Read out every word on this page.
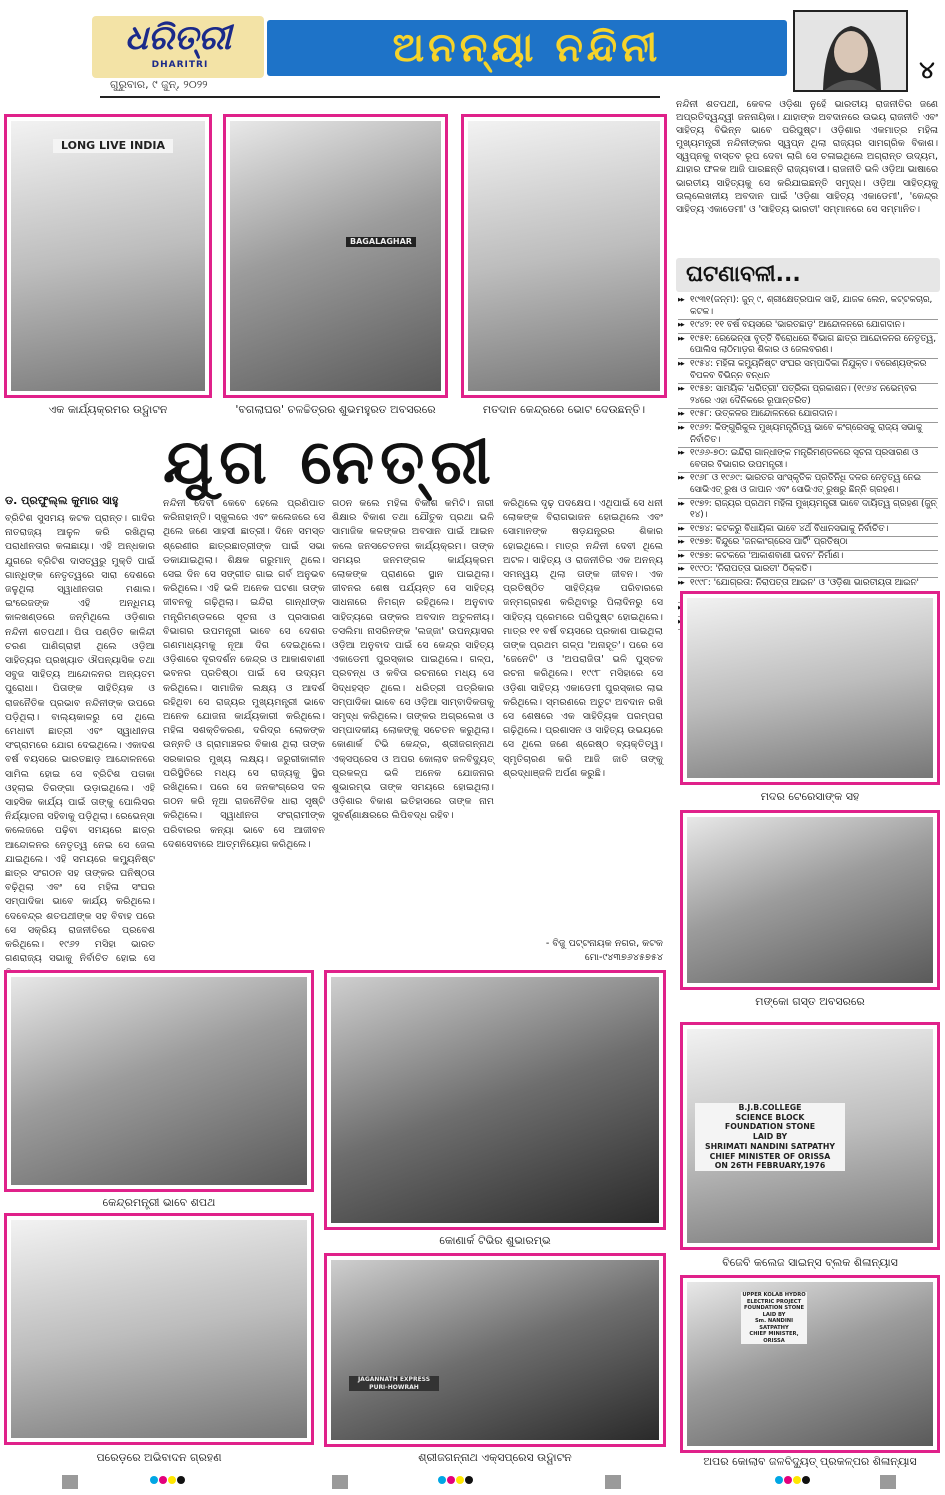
ଧରିତ୍ରୀ
DHARITRI	ଅନନ୍ୟା ନନ୍ଦିନୀ	୪
ଗୁରୁବାର, ୯ ଜୁନ୍, ୨୦୨୨
ନନ୍ଦିନୀ ଶତପଥୀ, କେବଳ ଓଡ଼ିଶା ନୁହେଁ ଭାରତୀୟ ରାଜନୀତିର ଜଣେ ଅପ୍ରତିଦ୍ୱନ୍ଦ୍ୱୀ ଜନନାୟିକା। ଯାହାଙ୍କ ଅବଦାନରେ ଉଭୟ ରାଜନୀତି ଏବଂ ସାହିତ୍ୟ ବିଭିନ୍ନ ଭାବେ ପରିପୁଷ୍ଟ। ଓଡ଼ିଶାର ଏକମାତ୍ର ମହିଳା ମୁଖ୍ୟମନ୍ତ୍ରୀ ନନ୍ଦିନୀଙ୍କର ସ୍ୱପ୍ନ ଥିଲା ରାଜ୍ୟର ସାମଗ୍ରିକ ବିକାଶ। ସ୍ୱପ୍ନକୁ ବାସ୍ତବ ରୂପ ଦେବା ଲାଗି ସେ ଚଳାଇଥିଲେ ଅଗ୍ରାନ୍ତ ଉଦ୍ୟମ, ଯାହାର ଫଳକ ଆଜି ପାରଛନ୍ତି ରାଜ୍ୟବାସୀ। ରାଜନୀତି ଭଳି ଓଡ଼ିଆ ଭାଷାରେ ଭାରତୀୟ ସାହିତ୍ୟକୁ ସେ କରିଯାଇଛନ୍ତି ସମୃଦ୍ଧ। ଓଡ଼ିଆ ସାହିତ୍ୟକୁ ଉଲ୍ଲେଖନୀୟ ଅବଦାନ ପାଇଁ 'ଓଡ଼ିଶା ସାହିତ୍ୟ ଏକାଡେମୀ', 'କେନ୍ଦ୍ର ସାହିତ୍ୟ ଏକାଡେମୀ' ଓ 'ସାହିତ୍ୟ ଭାରତୀ' ସମ୍ମାନରେ ସେ ସମ୍ମାନିତ।
LONG LIVE INDIA
ଏକ କାର୍ଯ୍ୟକ୍ରମର ଉଦ୍ଘାଟନ
BAGALAGHAR
'ବଗଲାଘର' ଚଳଚ୍ଚିତ୍ରର ଶୁଭମହୁରତ ଅବସରରେ	ମତଦାନ କେନ୍ଦ୍ରରେ ଭୋଟ ଦେଉଛନ୍ତି।
ଘଟଣାବଳୀ...
▶▶ ୧୯୩୧(ଜନ୍ମ): ଜୁନ୍ ୯, ଶ୍ରୀକ୍ଷେତ୍ରପାଳ ସାହି, ଯାଜକ ଲେନ, କଟ୍ଟକଚାର, କଟକ।
▶▶ ୧୯୪୨: ୧୧ ବର୍ଷ ବୟସରେ 'ଭାରତଛାଡ଼' ଆନ୍ଦୋଳନରେ ଯୋଗଦାନ।
▶▶ ୧୯୫୧: ରେଭେନ୍ସା ବୃତ୍ତି ବିରୋଧରେ ବିଭାଗ ଛାତ୍ର ଆନ୍ଦୋଳନର ନେତୃତ୍ୱ, ପୋଲିସ ଲାଠିମାଡ଼ର ଶିକାର ଓ ଜେଲବରଣ।
▶▶ ୧୯୫୪: ମହିଳା କମ୍ୟୁନିଷ୍ଟ ସଂଘର ସମ୍ପାଦିକା ନିଯୁକ୍ତ। ବରେଣ୍ୟଙ୍କର ବିପଳବ ବିଭିନ୍ନ ବନ୍ଧନ
▶▶ ୧୯୫୭: ସାମୟିକ 'ଧରିତ୍ରୀ' ପତ୍ରିକା ପ୍ରକାଶନ। (୧୯୬୪ ନଭେମ୍ବର ୨୪ରେ ଏହା ଦୈନିକରେ ରୂପାନ୍ତରିତ)
▶▶ ୧୯୫୮: ଉତ୍କଳର ଆନ୍ଦୋଳନରେ ଯୋଗଦାନ।
▶▶ ୧୯୬୨: କିଙ୍ଗୁରିକୁଲ ମୁଖ୍ୟମନ୍ତ୍ରିତ୍ୱ ଭାବେ କଂଗ୍ରେସକୁ ରାଜ୍ୟ ସଭାକୁ ନିର୍ବାଚିତ।
▶▶ ୧୯୬୬-୭୦: ଇନ୍ଦିରା ଗାନ୍ଧୀଙ୍କ ମନ୍ତ୍ରିମଣ୍ଡଳରେ ସୂଚନା ପ୍ରସାରଣ ଓ ବେତାର ବିଭାଗର ଉପମନ୍ତ୍ରୀ।
▶▶ ୧୯୬୮ ଓ ୧୯୬୯: ଭାରତର ସାଂସ୍କୃତିକ ପ୍ରତିନିଧି ଦଳର ନେତୃତ୍ୱ ନେଇ ସୋଭିଏତ୍ ରୁଷ ଓ ଜାପାନ ଏବଂ ସୋଭିଏତ୍ ରୁଷରୁ ଛିନ୍ନି ଗ୍ରହଣ।
▶▶ ୧୯୭୨: ରାଜ୍ୟର ପ୍ରଥମ ମହିଳା ମୁଖ୍ୟମନ୍ତ୍ରୀ ଭାବେ ଦାୟିତ୍ୱ ଗ୍ରହଣ (ଜୁନ୍ ୧୪)।
▶▶ ୧୯୭୪: କଟକରୁ ବିଧାୟିକା ଭାବେ ୪ର୍ଥ ବିଧାନସଭାକୁ ନିର୍ବାଚିତ।
▶▶ ୧୯୭୭: ବିନ୍ଦୁରେ 'ଜନକାଂଗ୍ରେସ ପାର୍ଟି' ପ୍ରତିଷ୍ଠା
▶▶ ୧୯୭୭: କଟକରେ 'ଆକାଶବାଣୀ ଭବନ' ନିର୍ମାଣ।
▶▶ ୧୯୯୦: 'ନିରାପତ୍ତା ଭାରତୀ' ଠିକ୍କତି।
▶▶ ୧୯୯୮: 'ଯୋଗ୍ରତା: ନିରାପତ୍ତା ଆଇନ' ଓ 'ଓଡ଼ିଶା ଭାରତୀୟତା ଆଇନ'
▶▶
▶▶
ଯୁଗ ନେତ୍ରୀ
ଡ. ପ୍ରଫୁଲ୍ଲ କୁମାର ସାହୁ
ବ୍ରିଟିଶ ସୁସମୟ କଟକ ପ୍ରାନ୍ତ। ଗାଦିର ନାତରାଜ୍ୟ ଆଳୁଳ କରି ରଖିଥିଲା ପରାଧୀନତାର କଳାଛାୟା। ଏହି ଅନ୍ଧକାର ଯୁଗରେ ବ୍ରିଟିଶ ଦାସତ୍ୱରୁ ମୁକ୍ତି ପାଇଁ ଗାନ୍ଧିଙ୍କ ନେତୃତ୍ୱରେ ସାରା ଦେଶରେ ଜଳୁଥିଲା ସ୍ୱାଧୀନତାର ମଶାଲ। ଇଂରେଜଙ୍କ ଏହି ଅନ୍ଧିମୟ କାଳଖଣ୍ଡରେ ଜନ୍ମିଥିଲେ ଓଡ଼ିଶାର ନନ୍ଦିନୀ ଶତପଥୀ। ପିତା ପଣ୍ଡିତ କାଳିନ୍ଦୀ ଚରଣ ପାଣିଗ୍ରାହୀ ଥିଲେ ଓଡ଼ିଆ ସାହିତ୍ୟର ପ୍ରଖ୍ୟାତ ଔପନ୍ୟାସିକ ତଥା ସବୁଜ ସାହିତ୍ୟ ଆନ୍ଦୋଳନର ଅନ୍ୟତମ ପୁରୋଧା। ପିତାଙ୍କ ସାହିତ୍ୟିକ ଓ ରାଜନୈତିକ ପ୍ରଭାବ ନନ୍ଦିନୀଙ୍କ ଉପରେ ପଡ଼ିଥିଲା। ବାଲ୍ୟକାଳରୁ ସେ ଥିଲେ ମେଧାବୀ ଛାତ୍ରୀ ଏବଂ ସ୍ୱାଧୀନତା ସଂଗ୍ରାମରେ ଯୋଗ ଦେଇଥିଲେ। ଏକାଦଶ ବର୍ଷ ବୟସରେ ଭାରତଛାଡ଼ ଆନ୍ଦୋଳନରେ ସାମିଲ ହୋଇ ସେ ବ୍ରିଟିଶ ପତାକା ଓହ୍ଲାଇ ତିରଙ୍ଗା ଉଡ଼ାଇଥିଲେ। ଏହି ସାହସିକ କାର୍ଯ୍ୟ ପାଇଁ ତାଙ୍କୁ ପୋଲିସର ନିର୍ଯ୍ୟାତନା ସହିବାକୁ ପଡ଼ିଥିଲା। ରେଭେନ୍ସା କଲେଜରେ ପଢ଼ିବା ସମୟରେ ଛାତ୍ର ଆନ୍ଦୋଳନର ନେତୃତ୍ୱ ନେଇ ସେ ଜେଲ ଯାଇଥିଲେ। ଏହି ସମୟରେ କମ୍ୟୁନିଷ୍ଟ ଛାତ୍ର ସଂଗଠନ ସହ ତାଙ୍କର ଘନିଷ୍ଠତା ବଢ଼ିଥିଲା ଏବଂ ସେ ମହିଳା ସଂଘର ସମ୍ପାଦିକା ଭାବେ କାର୍ଯ୍ୟ କରିଥିଲେ। ଦେବେନ୍ଦ୍ର ଶତପଥୀଙ୍କ ସହ ବିବାହ ପରେ ସେ ସକ୍ରିୟ ରାଜନୀତିରେ ପ୍ରବେଶ କରିଥିଲେ। ୧୯୬୨ ମସିହା ଭାରତ ଗଣରାଜ୍ୟ ସଭାକୁ ନିର୍ବାଚିତ ହୋଇ ସେ
ନନ୍ଦିନୀ ଦେବୀ କେବେ ହେଲେ ପ୍ରଣିପାତ କରିନାହାନ୍ତି। ସ୍କୁଲରେ ଏବଂ କଲେଜରେ ସେ ଥିଲେ ଜଣେ ସାହସୀ ଛାତ୍ରୀ। ଦିନେ ସମସ୍ତ ଶ୍ରେଣୀର ଛାତ୍ରଛାତ୍ରୀଙ୍କ ପାଇଁ ସଭା ଡକାଯାଇଥିଲା। ଶିକ୍ଷକ ଗରୁମାନ୍ ଥିଲେ। ସେଇ ଦିନ ସେ ସଙ୍ଗୀତ ଗାଇ ଗର୍ବ ଅନୁଭବ କରିଥିଲେ। ଏହି ଭଳି ଅନେକ ଘଟଣା ତାଙ୍କ ଜୀବନକୁ ଗଢ଼ିଥିଲା। ଇନ୍ଦିରା ଗାନ୍ଧୀଙ୍କ ମନ୍ତ୍ରିମଣ୍ଡଳରେ ସୂଚନା ଓ ପ୍ରସାରଣ ବିଭାଗର ଉପମନ୍ତ୍ରୀ ଭାବେ ସେ ଦେଶର ଗଣମାଧ୍ୟମକୁ ନୂଆ ଦିଗ ଦେଇଥିଲେ। ଓଡ଼ିଶାରେ ଦୂରଦର୍ଶନ କେନ୍ଦ୍ର ଓ ଆକାଶବାଣୀ ଭବନର ପ୍ରତିଷ୍ଠା ପାଇଁ ସେ ଉଦ୍ୟମ କରିଥିଲେ। ସାମାଜିକ ଲକ୍ଷ୍ୟ ଓ ଆଦର୍ଶ ରହିଥିବା ସେ ରାଜ୍ୟର ମୁଖ୍ୟମନ୍ତ୍ରୀ ଭାବେ ଅନେକ ଯୋଜନା କାର୍ଯ୍ୟକାରୀ କରିଥିଲେ। ମହିଳା ସଶକ୍ତିକରଣ, ଦରିଦ୍ର ଲୋକଙ୍କ ଉନ୍ନତି ଓ ଗ୍ରାମାଞ୍ଚଳର ବିକାଶ ଥିଲା ତାଙ୍କ ସରକାରର ମୁଖ୍ୟ ଲକ୍ଷ୍ୟ। ଜରୁରୀକାଳୀନ ପରିସ୍ଥିତିରେ ମଧ୍ୟ ସେ ରାଜ୍ୟକୁ ସ୍ଥିର ରଖିଥିଲେ। ପରେ ସେ ଜନକଂଗ୍ରେସ ଦଳ ଗଠନ କରି ନୂଆ ରାଜନୈତିକ ଧାରା ସୃଷ୍ଟି କରିଥିଲେ। ସ୍ୱାଧୀନତା ସଂଗ୍ରାମୀଙ୍କ ପରିବାରର କନ୍ୟା ଭାବେ ସେ ଆଜୀବନ ଦେଶସେବାରେ ଆତ୍ମନିୟୋଗ କରିଥିଲେ।
ଗଠନ କଲେ ମହିଳା ବିକାଶ କମିଟି। ନାରୀ ଶିକ୍ଷାର ବିକାଶ ତଥା ଯୌତୁକ ପ୍ରଥା ଭଳି ସାମାଜିକ କଳଙ୍କର ଅବସାନ ପାଇଁ ଆଇନ କଲେ ଜନସଚେତନତା କାର୍ଯ୍ୟକ୍ରମ। ତାଙ୍କ ସମୟର ଜନମଙ୍ଗଳ କାର୍ଯ୍ୟକ୍ରମ ଲୋକଙ୍କ ପ୍ରାଣରେ ସ୍ଥାନ ପାଇଥିଲା। ଜୀବନର ଶେଷ ପର୍ଯ୍ୟନ୍ତ ସେ ସାହିତ୍ୟ ସାଧନାରେ ନିମଗ୍ନ ରହିଥିଲେ। ଅନୁବାଦ ସାହିତ୍ୟରେ ତାଙ୍କର ଅବଦାନ ଅତୁଳନୀୟ। ତସଲିମା ନାସରିନଙ୍କ 'ଲଜ୍ଜା' ଉପନ୍ୟାସର ଓଡ଼ିଆ ଅନୁବାଦ ପାଇଁ ସେ କେନ୍ଦ୍ର ସାହିତ୍ୟ ଏକାଡେମୀ ପୁରସ୍କାର ପାଇଥିଲେ। ଗଳ୍ପ, ପ୍ରବନ୍ଧ ଓ କବିତା ରଚନାରେ ମଧ୍ୟ ସେ ସିଦ୍ଧହସ୍ତ ଥିଲେ। ଧରିତ୍ରୀ ପତ୍ରିକାର ସମ୍ପାଦିକା ଭାବେ ସେ ଓଡ଼ିଆ ସାମ୍ବାଦିକତାକୁ ସମୃଦ୍ଧ କରିଥିଲେ। ତାଙ୍କର ଅଗ୍ରଲେଖ ଓ ସମ୍ପାଦକୀୟ ଲୋକଙ୍କୁ ସଚେତନ କରୁଥିଲା। କୋଣାର୍କ ଟିଭି କେନ୍ଦ୍ର, ଶ୍ରୀଜଗନ୍ନାଥ ଏକ୍ସପ୍ରେସ ଓ ଅପର କୋଲାବ ଜଳବିଦ୍ୟୁତ୍ ପ୍ରକଳ୍ପ ଭଳି ଅନେକ ଯୋଜନାର ଶୁଭାରମ୍ଭ ତାଙ୍କ ସମୟରେ ହୋଇଥିଲା। ଓଡ଼ିଶାର ବିକାଶ ଇତିହାସରେ ତାଙ୍କ ନାମ ସୁବର୍ଣ୍ଣାକ୍ଷରରେ ଲିପିବଦ୍ଧ ରହିବ।
କରିଥିଲେ ଦୃଢ଼ ପଦକ୍ଷେପ। ଏଥିପାଇଁ ସେ ଧନୀ ଲୋକଙ୍କ ବିରାଗଭାଜନ ହୋଇଥିଲେ ଏବଂ ସୋମାନଙ୍କ ଷଡ଼ଯନ୍ତ୍ରର ଶିକାର ହୋଇଥିଲେ। ମାତ୍ର ନନ୍ଦିନୀ ଦେବୀ ଥିଲେ ଅଟଳ। ସାହିତ୍ୟ ଓ ରାଜନୀତିର ଏକ ଅନନ୍ୟ ସମନ୍ୱୟ ଥିଲା ତାଙ୍କ ଜୀବନ। ଏକ ପ୍ରତିଷ୍ଠିତ ସାହିତ୍ୟିକ ପରିବାରରେ ଜନ୍ମଗ୍ରହଣ କରିଥିବାରୁ ପିଲାଦିନରୁ ସେ ସାହିତ୍ୟ ପ୍ରେମରେ ପରିପୁଷ୍ଟ ହୋଇଥିଲେ। ମାତ୍ର ୧୧ ବର୍ଷ ବୟସରେ ପ୍ରକାଶ ପାଇଥିଲା ତାଙ୍କ ପ୍ରଥମ ଗଳ୍ପ 'ଅନାହୂତ'। ପରେ ସେ 'ଜେନେଟି' ଓ 'ଅପରାଜିତା' ଭଳି ପୁସ୍ତକ ରଚନା କରିଥିଲେ। ୧୯୯୮ ମସିହାରେ ସେ ଓଡ଼ିଶା ସାହିତ୍ୟ ଏକାଡେମୀ ପୁରସ୍କାର ଲାଭ କରିଥିଲେ। ସ୍ମରଣରେ ଅତୁଟ ଅବଦାନ ରଖି ସେ ଶେଷରେ ଏକ ସାହିତ୍ୟିକ ପରମ୍ପରା ଗଢ଼ିଥିଲେ। ପ୍ରଶାସନ ଓ ସାହିତ୍ୟ ଉଭୟରେ ସେ ଥିଲେ ଜଣେ ଶ୍ରେଷ୍ଠ ବ୍ୟକ୍ତିତ୍ୱ। ସ୍ମୃତିଚାରଣ କରି ଆଜି ଜାତି ତାଙ୍କୁ ଶ୍ରଦ୍ଧାଞ୍ଜଳି ଅର୍ପଣ କରୁଛି।
- ବିଜୁ ପଟ୍ଟନାୟକ ନଗର, କଟକ
ମୋ-୯୪୩୭୬୪୫୭୫୪
ମଦର ଟେରେସାଙ୍କ ସହ
ମଙ୍କୋ ଗସ୍ତ ଅବସରରେ
B.J.B.COLLEGE
SCIENCE BLOCK
FOUNDATION STONE
LAID BY
SHRIMATI NANDINI SATPATHY
CHIEF MINISTER OF ORISSA
ON 26TH FEBRUARY,1976
ବିଜେବି କଲେଜ ସାଇନ୍ସ ବ୍ଲକ ଶିଳାନ୍ୟାସ
UPPER KOLAB HYDRO
ELECTRIC PROJECT
FOUNDATION STONE
LAID BY
Sm. NANDINI SATPATHY
CHIEF MINISTER, ORISSA
ଅପର କୋଲାବ ଜଳବିଦ୍ୟୁତ୍ ପ୍ରକଳ୍ପର ଶିଳାନ୍ୟାସ
କେନ୍ଦ୍ରମନ୍ତ୍ରୀ ଭାବେ ଶପଥ
କୋଣାର୍କ ଟିଭିର ଶୁଭାରମ୍ଭ
ପରେଡ଼ରେ ଅଭିବାଦନ ଗ୍ରହଣ
JAGANNATH EXPRESS
PURI-HOWRAH
ଶ୍ରୀଜଗନ୍ନାଥ ଏକ୍ସପ୍ରେସ ଉଦ୍ଘାଟନ
